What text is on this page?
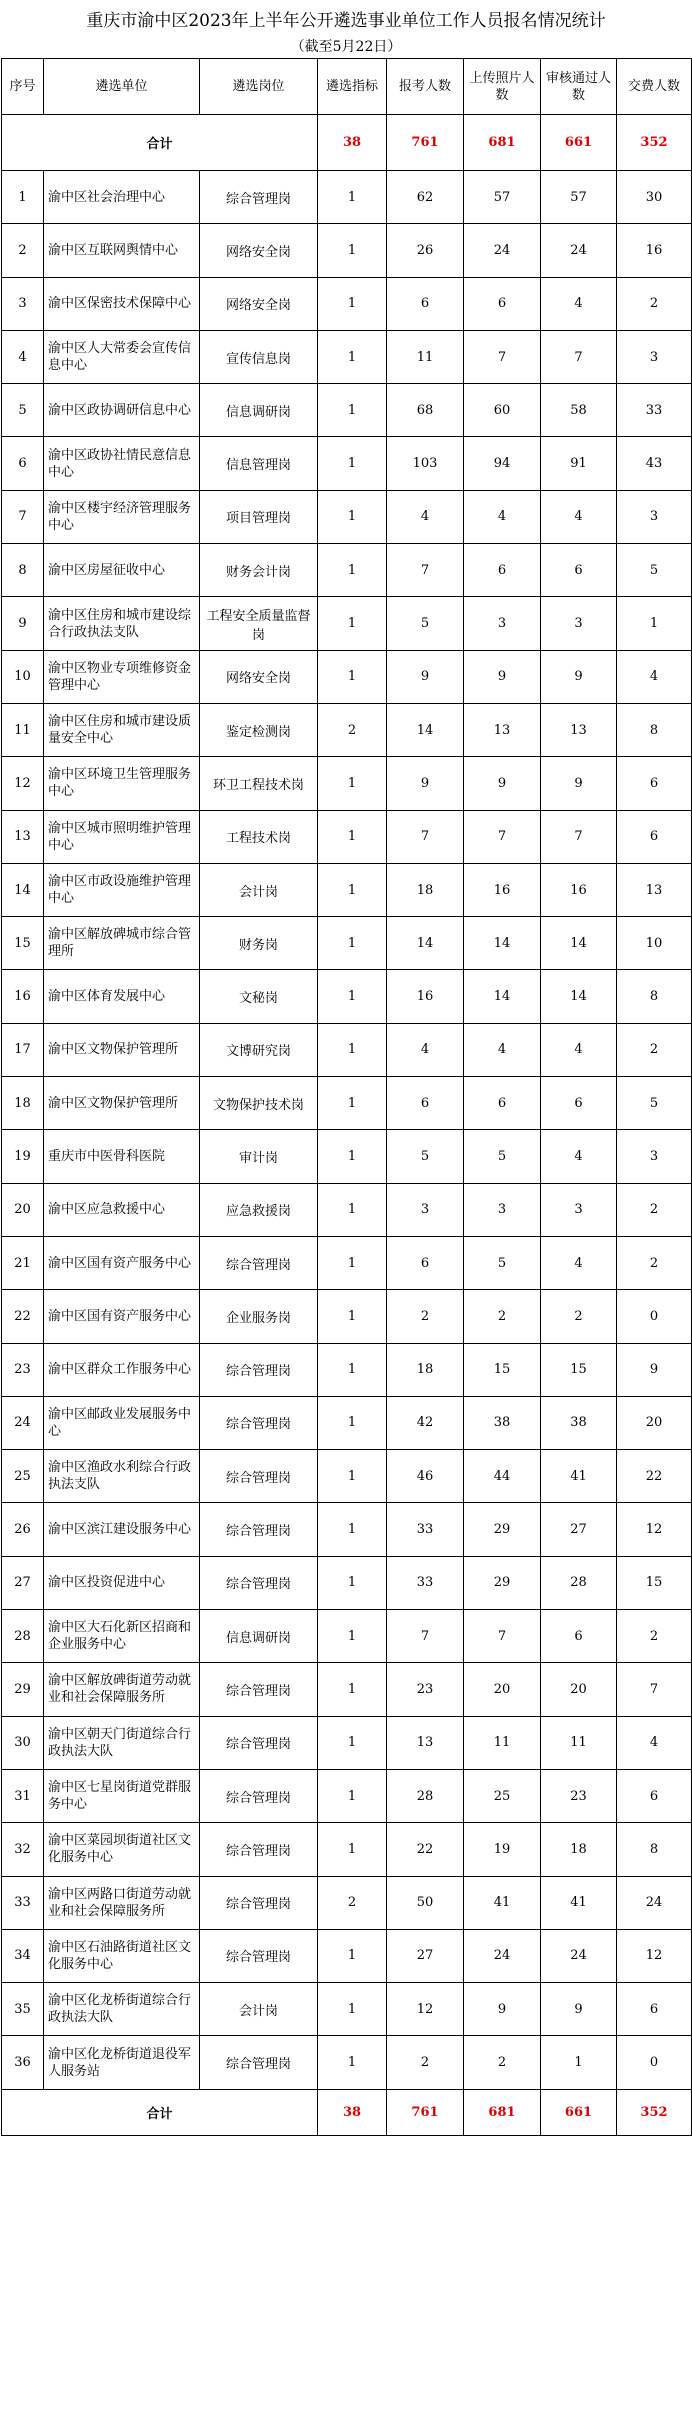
重庆市渝中区2023年上半年公开遴选事业单位工作人员报名情况统计
（截至5月22日）
序号	遴选单位	遴选岗位	遴选指标	报考人数	上传照片人数	审核通过人数	交费人数
合计			38	761	681	661	352
1	渝中区社会治理中心	综合管理岗	1	62	57	57	30
2	渝中区互联网舆情中心	网络安全岗	1	26	24	24	16
3	渝中区保密技术保障中心	网络安全岗	1	6	6	4	2
4	渝中区人大常委会宣传信息中心	宣传信息岗	1	11	7	7	3
5	渝中区政协调研信息中心	信息调研岗	1	68	60	58	33
6	渝中区政协社情民意信息中心	信息管理岗	1	103	94	91	43
7	渝中区楼宇经济管理服务中心	项目管理岗	1	4	4	4	3
8	渝中区房屋征收中心	财务会计岗	1	7	6	6	5
9	渝中区住房和城市建设综合行政执法支队	工程安全质量监督岗	1	5	3	3	1
10	渝中区物业专项维修资金管理中心	网络安全岗	1	9	9	9	4
11	渝中区住房和城市建设质量安全中心	鉴定检测岗	2	14	13	13	8
12	渝中区环境卫生管理服务中心	环卫工程技术岗	1	9	9	9	6
13	渝中区城市照明维护管理中心	工程技术岗	1	7	7	7	6
14	渝中区市政设施维护管理中心	会计岗	1	18	16	16	13
15	渝中区解放碑城市综合管理所	财务岗	1	14	14	14	10
16	渝中区体育发展中心	文秘岗	1	16	14	14	8
17	渝中区文物保护管理所	文博研究岗	1	4	4	4	2
18	渝中区文物保护管理所	文物保护技术岗	1	6	6	6	5
19	重庆市中医骨科医院	审计岗	1	5	5	4	3
20	渝中区应急救援中心	应急救援岗	1	3	3	3	2
21	渝中区国有资产服务中心	综合管理岗	1	6	5	4	2
22	渝中区国有资产服务中心	企业服务岗	1	2	2	2	0
23	渝中区群众工作服务中心	综合管理岗	1	18	15	15	9
24	渝中区邮政业发展服务中心	综合管理岗	1	42	38	38	20
25	渝中区渔政水利综合行政执法支队	综合管理岗	1	46	44	41	22
26	渝中区滨江建设服务中心	综合管理岗	1	33	29	27	12
27	渝中区投资促进中心	综合管理岗	1	33	29	28	15
28	渝中区大石化新区招商和企业服务中心	信息调研岗	1	7	7	6	2
29	渝中区解放碑街道劳动就业和社会保障服务所	综合管理岗	1	23	20	20	7
30	渝中区朝天门街道综合行政执法大队	综合管理岗	1	13	11	11	4
31	渝中区七星岗街道党群服务中心	综合管理岗	1	28	25	23	6
32	渝中区菜园坝街道社区文化服务中心	综合管理岗	1	22	19	18	8
33	渝中区两路口街道劳动就业和社会保障服务所	综合管理岗	2	50	41	41	24
34	渝中区石油路街道社区文化服务中心	综合管理岗	1	27	24	24	12
35	渝中区化龙桥街道综合行政执法大队	会计岗	1	12	9	9	6
36	渝中区化龙桥街道退役军人服务站	综合管理岗	1	2	2	1	0
合计			38	761	681	661	352
